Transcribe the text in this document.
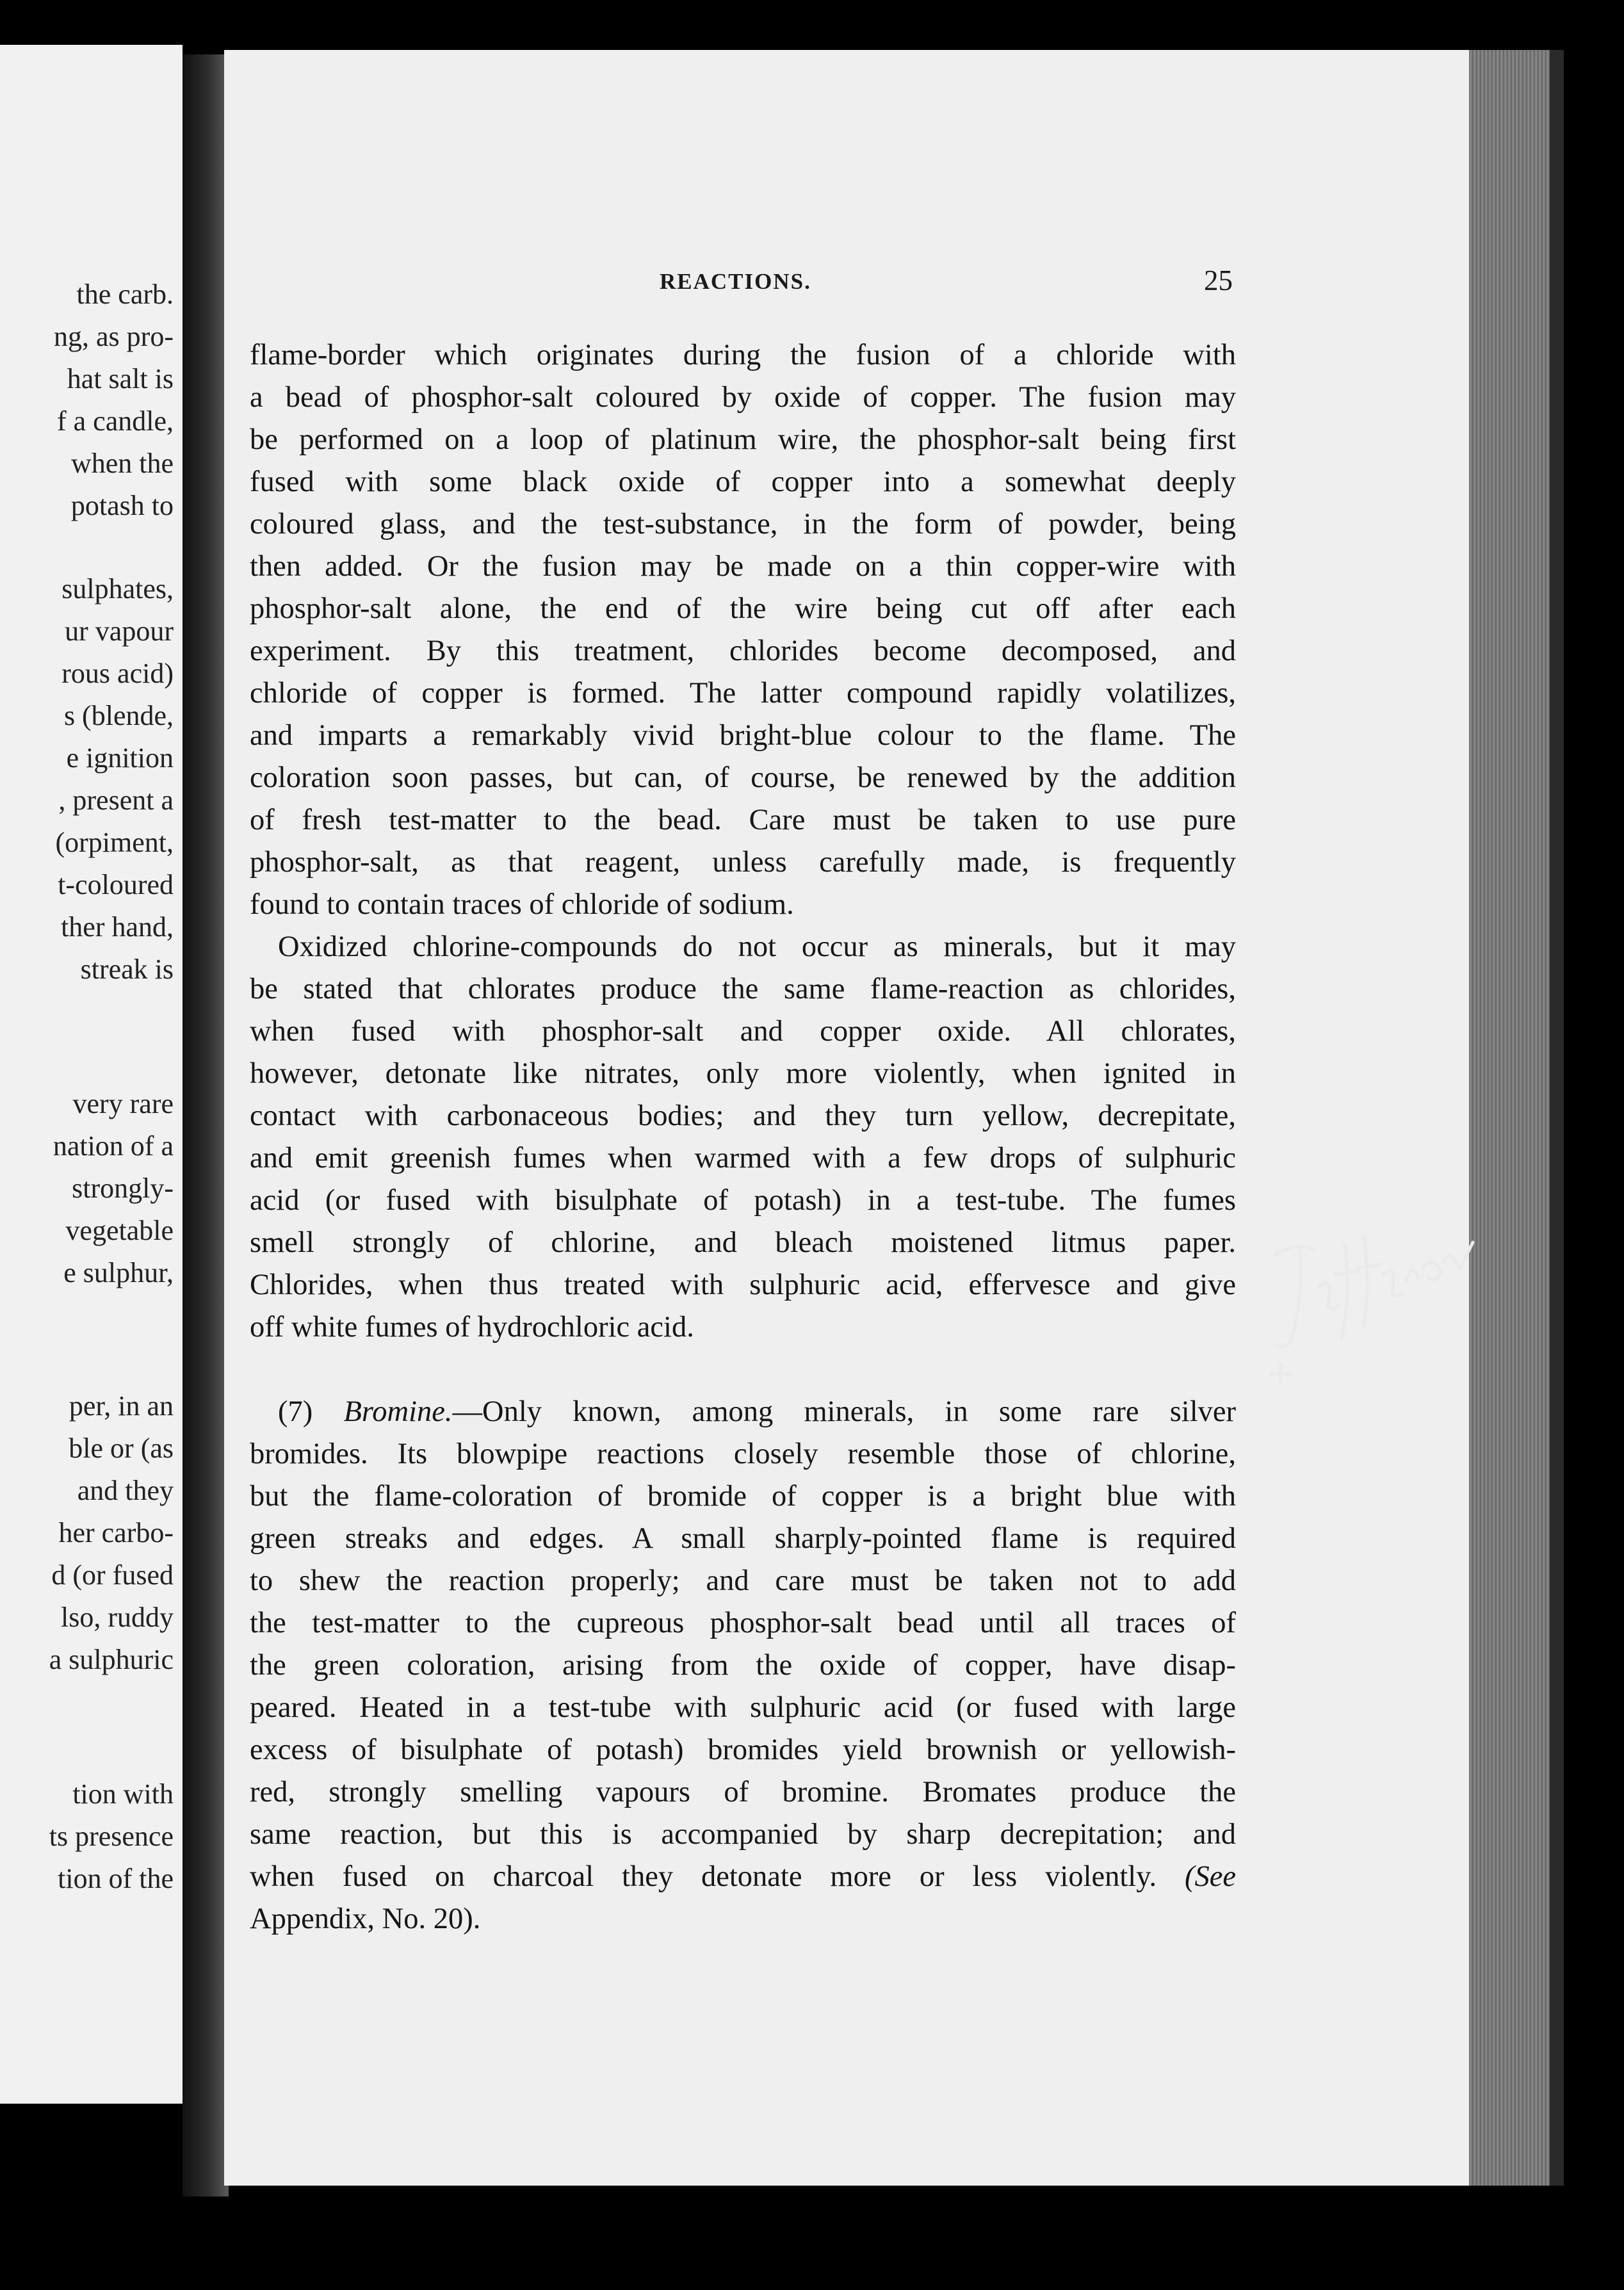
the carb.
ng, as pro-
hat salt is
f a candle,
when the
potash to
sulphates,
ur vapour
rous acid)
s (blende,
e ignition
, present a
(orpiment,
t-coloured
ther hand,
streak is
very rare
nation of a
strongly-
vegetable
e sulphur,
per, in an
ble or (as
and they
her carbo-
d (or fused
lso, ruddy
a sulphuric
tion with
ts presence
tion of the
REACTIONS.	25
flame-border which originates during the fusion of a chloride with
a bead of phosphor-salt coloured by oxide of copper. The fusion may
be performed on a loop of platinum wire, the phosphor-salt being first
fused with some black oxide of copper into a somewhat deeply
coloured glass, and the test-substance, in the form of powder, being
then added. Or the fusion may be made on a thin copper-wire with
phosphor-salt alone, the end of the wire being cut off after each
experiment. By this treatment, chlorides become decomposed, and
chloride of copper is formed. The latter compound rapidly volatilizes,
and imparts a remarkably vivid bright-blue colour to the flame. The
coloration soon passes, but can, of course, be renewed by the addition
of fresh test-matter to the bead. Care must be taken to use pure
phosphor-salt, as that reagent, unless carefully made, is frequently
found to contain traces of chloride of sodium.
Oxidized chlorine-compounds do not occur as minerals, but it may
be stated that chlorates produce the same flame-reaction as chlorides,
when fused with phosphor-salt and copper oxide. All chlorates,
however, detonate like nitrates, only more violently, when ignited in
contact with carbonaceous bodies; and they turn yellow, decrepitate,
and emit greenish fumes when warmed with a few drops of sulphuric
acid (or fused with bisulphate of potash) in a test-tube. The fumes
smell strongly of chlorine, and bleach moistened litmus paper.
Chlorides, when thus treated with sulphuric acid, effervesce and give
off white fumes of hydrochloric acid.
(7) Bromine.—Only known, among minerals, in some rare silver
bromides. Its blowpipe reactions closely resemble those of chlorine,
but the flame-coloration of bromide of copper is a bright blue with
green streaks and edges. A small sharply-pointed flame is required
to shew the reaction properly; and care must be taken not to add
the test-matter to the cupreous phosphor-salt bead until all traces of
the green coloration, arising from the oxide of copper, have disap-
peared. Heated in a test-tube with sulphuric acid (or fused with large
excess of bisulphate of potash) bromides yield brownish or yellowish-
red, strongly smelling vapours of bromine. Bromates produce the
same reaction, but this is accompanied by sharp decrepitation; and
when fused on charcoal they detonate more or less violently. (See
Appendix, No. 20).
